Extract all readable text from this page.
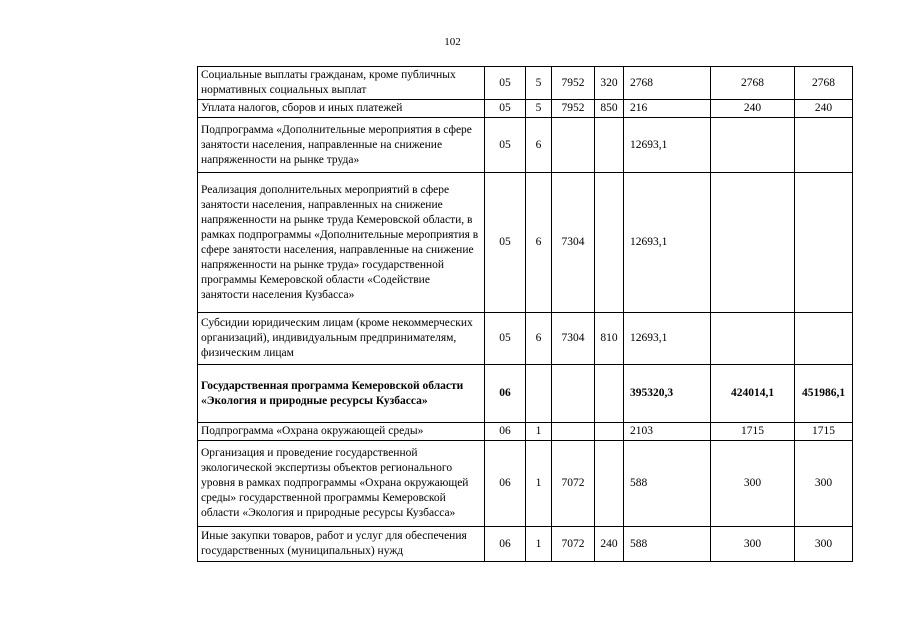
102
Социальные выплаты гражданам, кроме публичных нормативных социальных выплат	05	5	7952	320	2768	2768	2768
Уплата налогов, сборов и иных платежей	05	5	7952	850	216	240	240
Подпрограмма «Дополнительные мероприятия в сфере занятости населения, направленные на снижение напряженности на рынке труда»	05	6			12693,1		
Реализация дополнительных мероприятий в сфере занятости населения, направленных на снижение напряженности на рынке труда Кемеровской области, в рамках подпрограммы «Дополнительные мероприятия в сфере занятости населения, направленные на снижение напряженности на рынке труда» государственной программы Кемеровской области «Содействие занятости населения Кузбасса»	05	6	7304		12693,1		
Субсидии юридическим лицам (кроме некоммерческих организаций), индивидуальным предпринимателям, физическим лицам	05	6	7304	810	12693,1		
Государственная программа Кемеровской области «Экология и природные ресурсы Кузбасса»	06				395320,3	424014,1	451986,1
Подпрограмма «Охрана окружающей среды»	06	1			2103	1715	1715
Организация и проведение государственной экологической экспертизы объектов регионального уровня в рамках подпрограммы «Охрана окружающей среды» государственной программы Кемеровской области «Экология и природные ресурсы Кузбасса»	06	1	7072		588	300	300
Иные закупки товаров, работ и услуг для обеспечения государственных (муниципальных) нужд	06	1	7072	240	588	300	300
